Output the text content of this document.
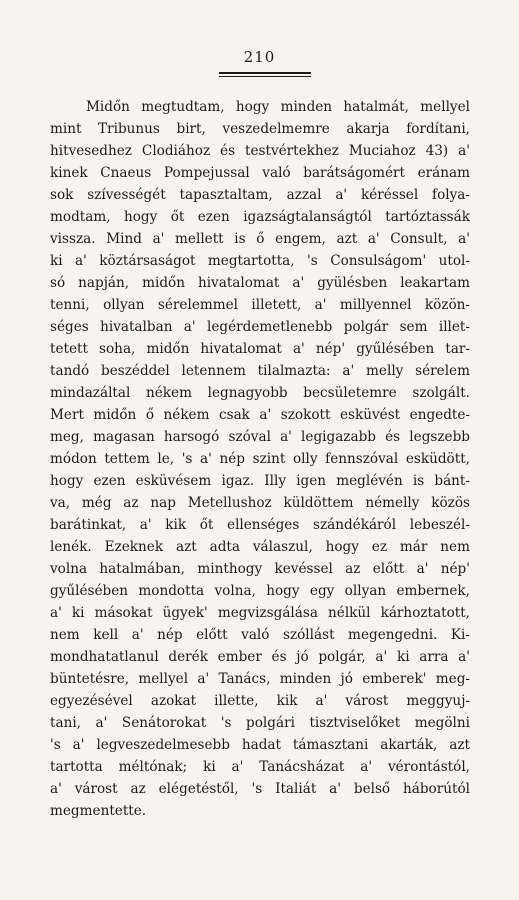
210
Midőn megtudtam, hogy minden hatalmát, mellyel
mint Tribunus birt, veszedelmemre akarja fordítani,
hitvesedhez Clodiához és testvértekhez Muciahoz 43) a'
kinek Cnaeus Pompejussal való barátságomért eránam
sok szívességét tapasztaltam, azzal a' kéréssel folya-
modtam, hogy őt ezen igazságtalanságtól tartóztassák
vissza. Mind a' mellett is ő engem, azt a' Consult, a'
ki a' köztársaságot megtartotta, 's Consulságom' utol-
só napján, midőn hivatalomat a' gyülésben leakartam
tenni, ollyan sérelemmel illetett, a' millyennel közön-
séges hivatalban a' legérdemetlenebb polgár sem illet-
tetett soha, midőn hivatalomat a' nép' gyűlésében tar-
tandó beszéddel letennem tilalmazta: a' melly sérelem
mindazáltal nékem legnagyobb becsületemre szolgált.
Mert midőn ő nékem csak a' szokott esküvést engedte-
meg, magasan harsogó szóval a' legigazabb és legszebb
módon tettem le, 's a' nép szint olly fennszóval esküdött,
hogy ezen esküvésem igaz. Illy igen meglévén is bánt-
va, még az nap Metellushoz küldöttem némelly közös
barátinkat, a' kik őt ellenséges szándékáról lebeszél-
lenék. Ezeknek azt adta válaszul, hogy ez már nem
volna hatalmában, minthogy kevéssel az előtt a' nép'
gyűlésében mondotta volna, hogy egy ollyan embernek,
a' ki másokat ügyek' megvizsgálása nélkül kárhoztatott,
nem kell a' nép előtt való szóllást megengedni. Ki-
mondhatatlanul derék ember és jó polgár, a' ki arra a'
büntetésre, mellyel a' Tanács, minden jó emberek' meg-
egyezésével azokat illette, kik a' várost meggyuj-
tani, a' Senátorokat 's polgári tisztviselőket megölni
's a' legveszedelmesebb hadat támasztani akarták, azt
tartotta méltónak; ki a' Tanácsházat a' vérontástól,
a' várost az elégetéstől, 's Italiát a' belső háborútól
megmentette.
